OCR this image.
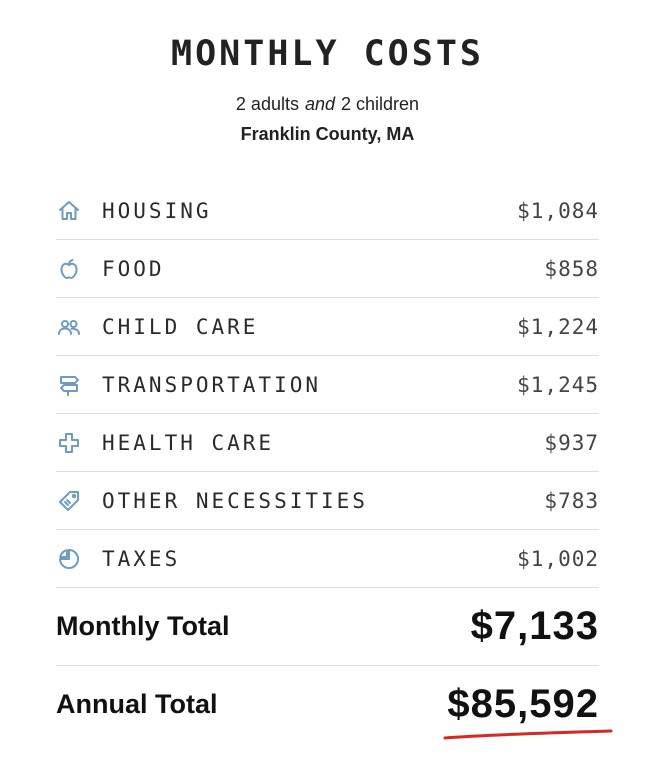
MONTHLY COSTS
2 adults and 2 children
Franklin County, MA
HOUSING	$1,084
FOOD	$858
CHILD CARE	$1,224
TRANSPORTATION	$1,245
HEALTH CARE	$937
OTHER NECESSITIES	$783
TAXES	$1,002
Monthly Total	$7,133
Annual Total	$85,592
